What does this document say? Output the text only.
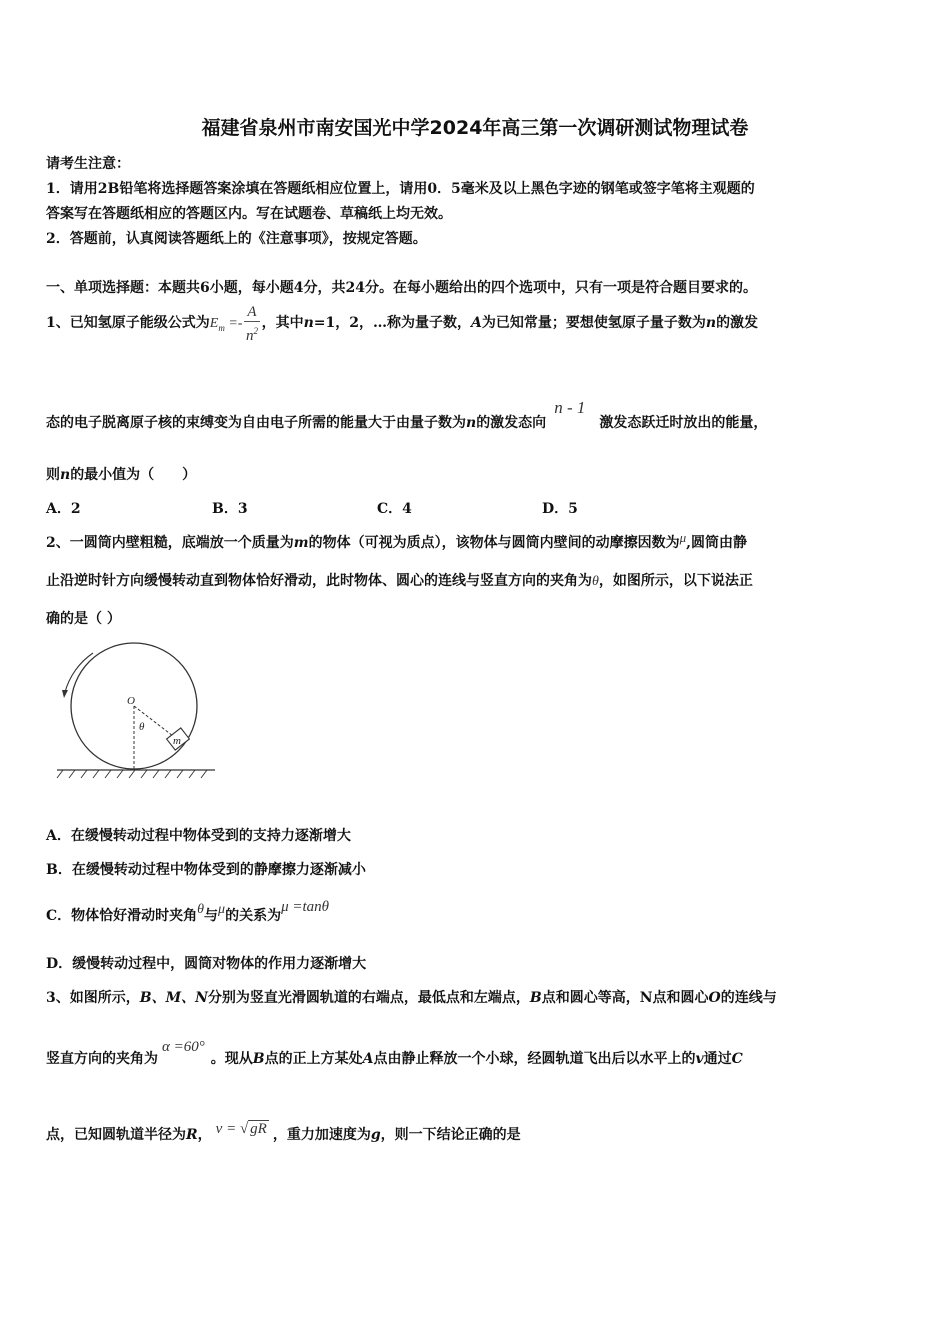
福建省泉州市南安国光中学2024年高三第一次调研测试物理试卷
请考生注意：
1．请用2B铅笔将选择题答案涂填在答题纸相应位置上，请用0．5毫米及以上黑色字迹的钢笔或签字笔将主观题的
答案写在答题纸相应的答题区内。写在试题卷、草稿纸上均无效。
2．答题前，认真阅读答题纸上的《注意事项》，按规定答题。
一、单项选择题：本题共6小题，每小题4分，共24分。在每小题给出的四个选项中，只有一项是符合题目要求的。
1、已知氢原子能级公式为$E_m =- \frac{A}{n^2}$ ，其中n=1，2，…称为量子数，A为已知常量；要想使氢原子量子数为n的激发
态的电子脱离原子核的束缚变为自由电子所需的能量大于由量子数为n的激发态向n - 1激发态跃迁时放出的能量，
则n的最小值为（　　）
A．2	B．3	C．4	D．5
2、一圆筒内壁粗糙，底端放一个质量为m的物体（可视为质点），该物体与圆筒内壁间的动摩擦因数为μ,圆筒由静
止沿逆时针方向缓慢转动直到物体恰好滑动，此时物体、圆心的连线与竖直方向的夹角为θ，如图所示，以下说法正
确的是（ ）
m
O
θ
A．在缓慢转动过程中物体受到的支持力逐渐增大
B．在缓慢转动过程中物体受到的静摩擦力逐渐减小
C．物体恰好滑动时夹角θ与μ的关系为μ =tanθ
D．缓慢转动过程中，圆筒对物体的作用力逐渐增大
3、如图所示，B、M、N分别为竖直光滑圆轨道的右端点，最低点和左端点，B点和圆心等高，N点和圆心O的连线与
竖直方向的夹角为α =60°。现从B点的正上方某处A点由静止释放一个小球，经圆轨道飞出后以水平上的v通过C
点，已知圆轨道半径为R， v = √ gR ，重力加速度为g，则一下结论正确的是
